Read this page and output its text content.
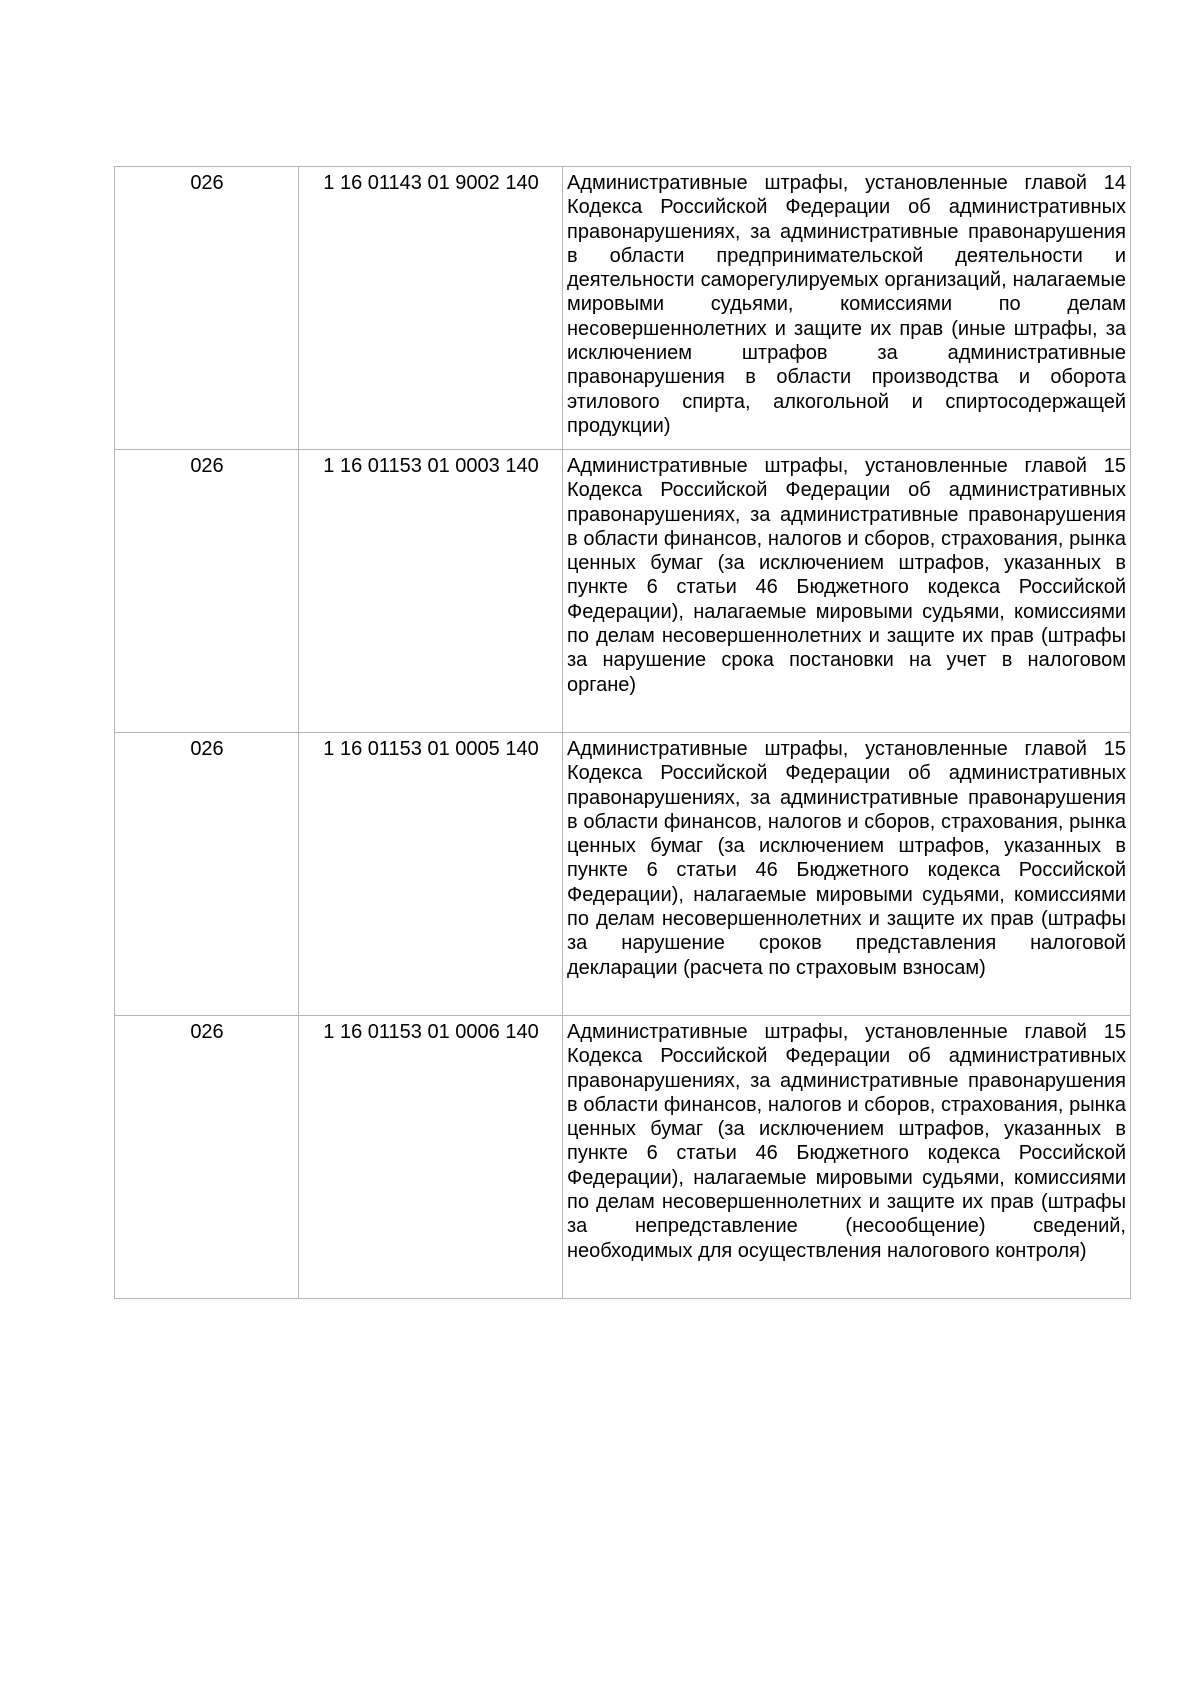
026	1 16 01143 01 9002 140	Административные штрафы, установленные главой 14 Кодекса Российской Федерации об административных правонарушениях, за административные правонарушения в области предпринимательской деятельности и деятельности саморегулируемых организаций, налагаемые мировыми судьями, комиссиями по делам несовершеннолетних и защите их прав (иные штрафы, за исключением штрафов за административные правонарушения в области производства и оборота этилового спирта, алкогольной и спиртосодержащей продукции)
026	1 16 01153 01 0003 140	Административные штрафы, установленные главой 15 Кодекса Российской Федерации об административных правонарушениях, за административные правонарушения в области финансов, налогов и сборов, страхования, рынка ценных бумаг (за исключением штрафов, указанных в пункте 6 статьи 46 Бюджетного кодекса Российской Федерации), налагаемые мировыми судьями, комиссиями по делам несовершеннолетних и защите их прав (штрафы за нарушение срока постановки на учет в налоговом органе)
026	1 16 01153 01 0005 140	Административные штрафы, установленные главой 15 Кодекса Российской Федерации об административных правонарушениях, за административные правонарушения в области финансов, налогов и сборов, страхования, рынка ценных бумаг (за исключением штрафов, указанных в пункте 6 статьи 46 Бюджетного кодекса Российской Федерации), налагаемые мировыми судьями, комиссиями по делам несовершеннолетних и защите их прав (штрафы за нарушение сроков представления налоговой декларации (расчета по страховым взносам)
026	1 16 01153 01 0006 140	Административные штрафы, установленные главой 15 Кодекса Российской Федерации об административных правонарушениях, за административные правонарушения в области финансов, налогов и сборов, страхования, рынка ценных бумаг (за исключением штрафов, указанных в пункте 6 статьи 46 Бюджетного кодекса Российской Федерации), налагаемые мировыми судьями, комиссиями по делам несовершеннолетних и защите их прав (штрафы за непредставление (несообщение) сведений, необходимых для осуществления налогового контроля)
